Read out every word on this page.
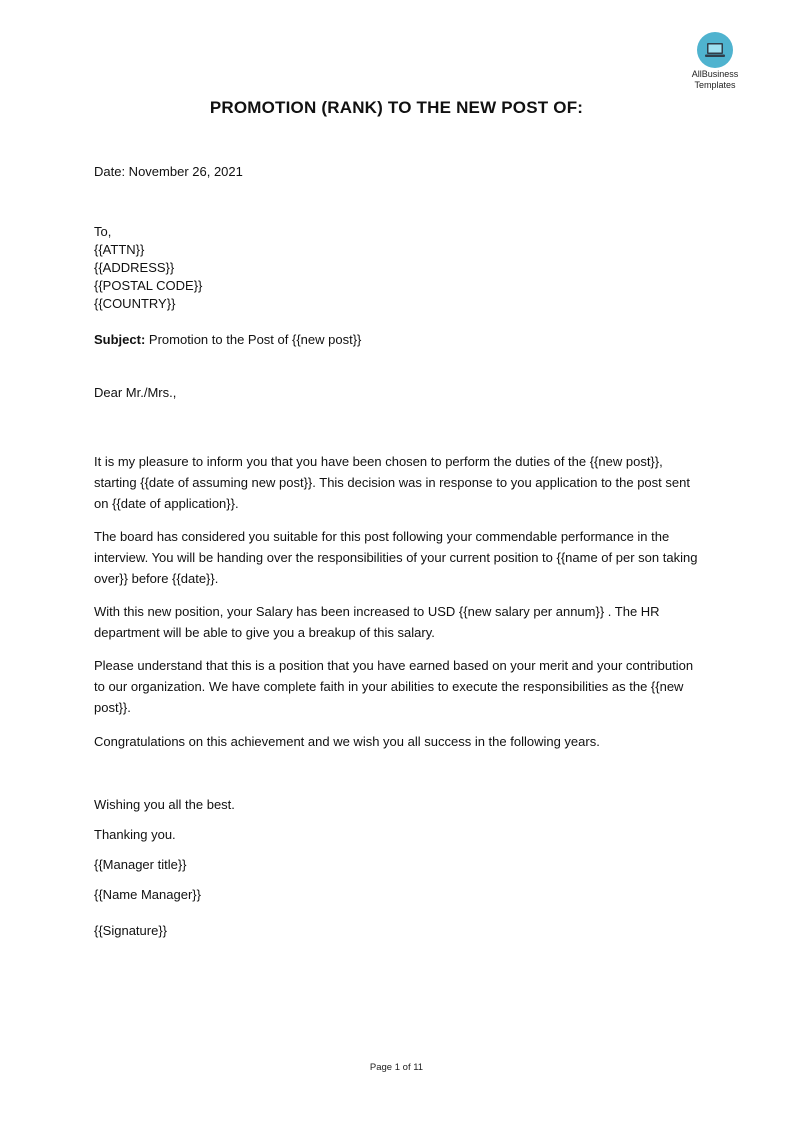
AllBusiness
Templates
PROMOTION (RANK) TO THE NEW POST OF:

Date: November 26, 2021

To,
{{ATTN}}
{{ADDRESS}}
{{POSTAL CODE}}
{{COUNTRY}}

Subject: Promotion to the Post of {{new post}}

Dear Mr./Mrs.,

It is my pleasure to inform you that you have been chosen to perform the duties of the {{new post}}, starting {{date of assuming new post}}. This decision was in response to you application to the post sent on {{date of application}}.

The board has considered you suitable for this post following your commendable performance in the interview. You will be handing over the responsibilities of your current position to {{name of per son taking over}} before {{date}}.

With this new position, your Salary has been increased to USD {{new salary per annum}} . The HR department will be able to give you a breakup of this salary.

Please understand that this is a position that you have earned based on your merit and your contribution to our organization. We have complete faith in your abilities to execute the responsibilities as the {{new post}}.

Congratulations on this achievement and we wish you all success in the following years.

Wishing you all the best.

Thanking you.

{{Manager title}}

{{Name Manager}}

{{Signature}}

Page 1 of 11
